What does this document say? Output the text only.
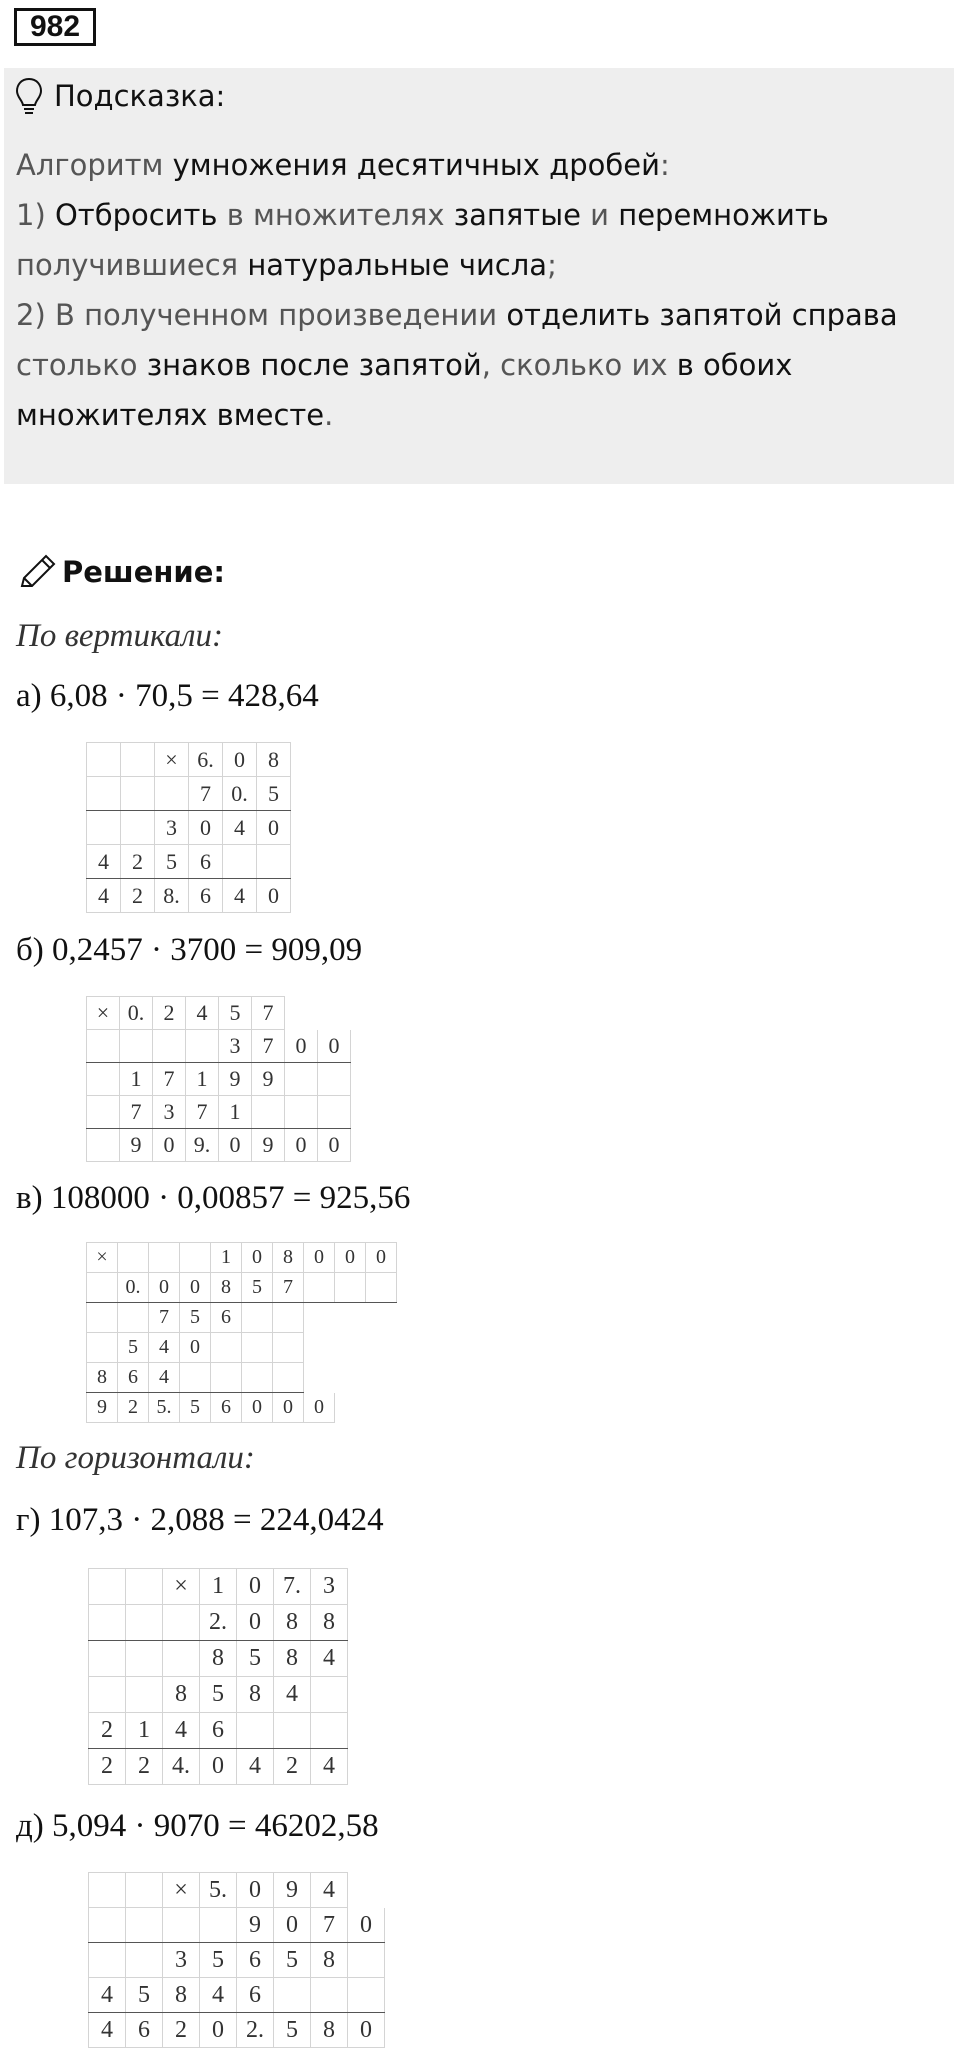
982
Подсказка:
Алгоритм умножения десятичных дробей:
1) Отбросить в множителях запятые и перемножить получившиеся натуральные числа;
2) В полученном произведении отделить запятой справа столько знаков после запятой, сколько их в обоих множителях вместе.
Решение:
По вертикали:
а) 6,08 · 70,5 = 428,64
		×	6.	0	8
			7	0.	5
		3	0	4	0
4	2	5	6		
4	2	8.	6	4	0
б) 0,2457 · 3700 = 909,09
×	0.	2	4	5	7		
				3	7	0	0
	1	7	1	9	9		
	7	3	7	1			
	9	0	9.	0	9	0	0
в) 108000 · 0,00857 = 925,56
×				1	0	8	0	0	0
	0.	0	0	8	5	7			
		7	5	6					
	5	4	0						
8	6	4							
9	2	5.	5	6	0	0	0		
По горизонтали:
г) 107,3 · 2,088 = 224,0424
		×	1	0	7.	3
			2.	0	8	8
			8	5	8	4
		8	5	8	4	
2	1	4	6			
2	2	4.	0	4	2	4
д) 5,094 · 9070 = 46202,58
		×	5.	0	9	4	
				9	0	7	0
		3	5	6	5	8	
4	5	8	4	6			
4	6	2	0	2.	5	8	0
